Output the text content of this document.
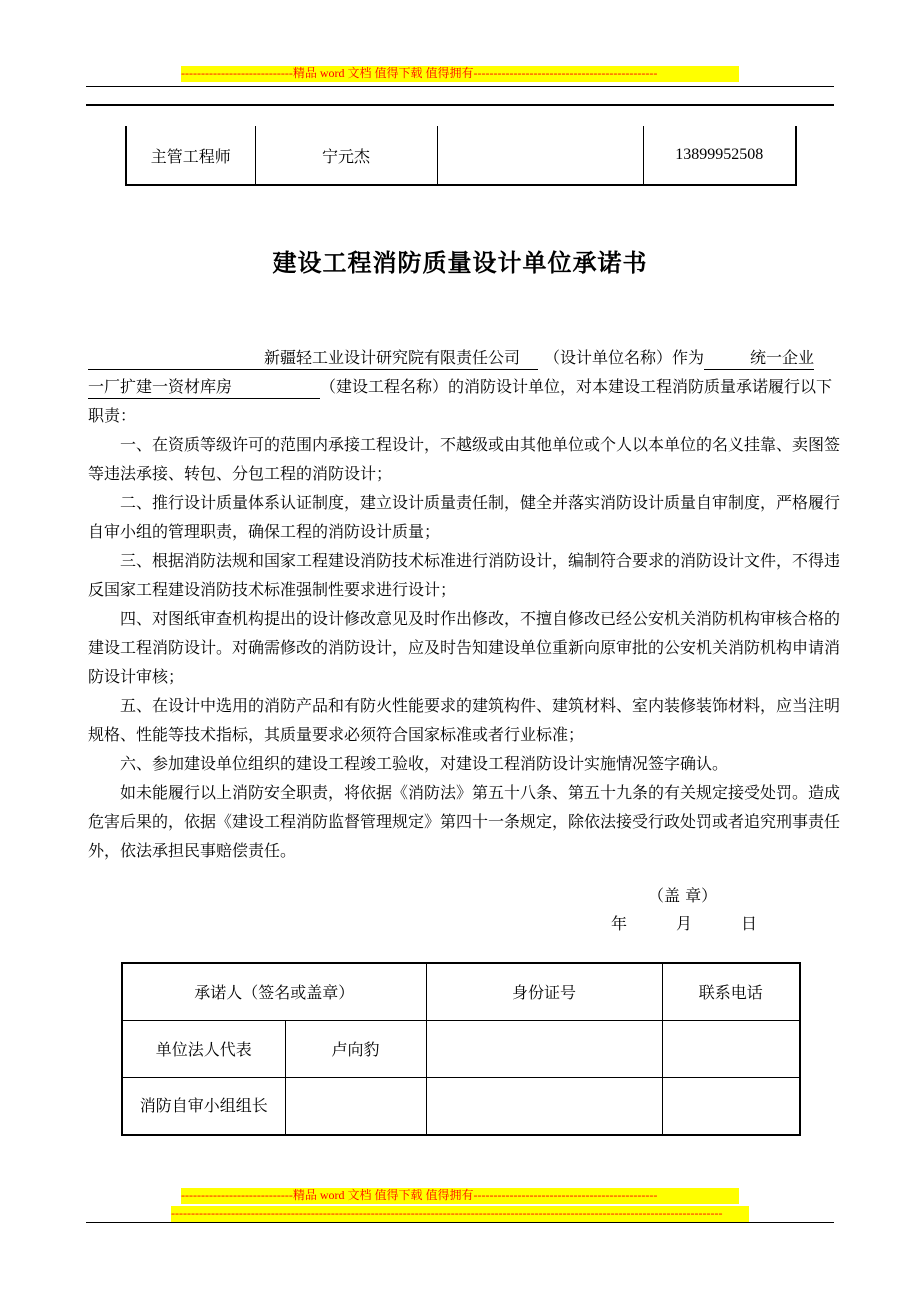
----------------------------精品 word 文档 值得下载 值得拥有----------------------------------------------
主管工程师	宁元杰		13899952508
建设工程消防质量设计单位承诺书

新疆轻工业设计研究院有限责任公司 （设计单位名称）作为	统一企业

一厂扩建一资材库房	（建设工程名称）的消防设计单位，对本建设工程消防质量承诺履行以下职责：

一、在资质等级许可的范围内承接工程设计，不越级或由其他单位或个人以本单位的名义挂靠、卖图签等违法承接、转包、分包工程的消防设计；

二、推行设计质量体系认证制度，建立设计质量责任制，健全并落实消防设计质量自审制度，严格履行自审小组的管理职责，确保工程的消防设计质量；

三、根据消防法规和国家工程建设消防技术标准进行消防设计，编制符合要求的消防设计文件，不得违反国家工程建设消防技术标准强制性要求进行设计；

四、对图纸审查机构提出的设计修改意见及时作出修改，不擅自修改已经公安机关消防机构审核合格的建设工程消防设计。对确需修改的消防设计，应及时告知建设单位重新向原审批的公安机关消防机构申请消防设计审核；

五、在设计中选用的消防产品和有防火性能要求的建筑构件、建筑材料、室内装修装饰材料，应当注明规格、性能等技术指标，其质量要求必须符合国家标准或者行业标准；

六、参加建设单位组织的建设工程竣工验收，对建设工程消防设计实施情况签字确认。

如未能履行以上消防安全职责，将依据《消防法》第五十八条、第五十九条的有关规定接受处罚。造成危害后果的，依据《建设工程消防监督管理规定》第四十一条规定，除依法接受行政处罚或者追究刑事责任外，依法承担民事赔偿责任。

（盖 章）
年	月	日
承诺人（签名或盖章）		身份证号	联系电话
单位法人代表	卢向豹		
消防自审小组组长			
----------------------------精品 word 文档 值得下载 值得拥有----------------------------------------------
------------------------------------------------------------------------------------------------------------------------------------------
